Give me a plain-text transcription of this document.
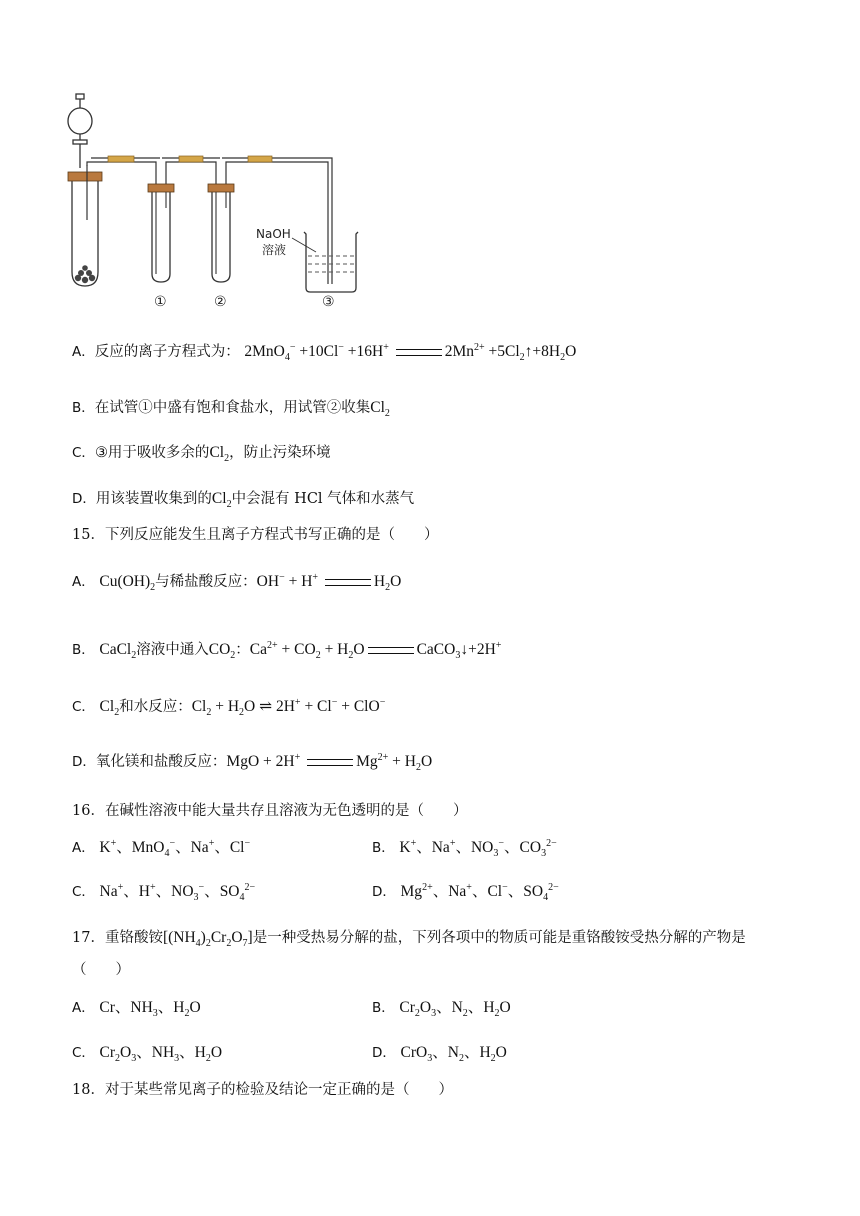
NaOH
溶液
①	②	③
A．反应的离子方程式为： 2MnO$_4$− +10Cl− +16H+	$2Mn^{2+}$ $+5Cl_2↑+8H_2O$
B．在试管①中盛有饱和食盐水，用试管②收集$Cl_2$
C．③用于吸收多余的$Cl_2$，防止污染环境
D．用该装置收集到的$Cl_2$中会混有 HCl 气体和水蒸气
15．下列反应能发生且离子方程式书写正确的是（　　）
A． $Cu(OH)_2$与稀盐酸反应：OH− + H+	$H_2O$
B． CaCl$_2$溶液中通入$CO_2$：$Ca^{2+} + CO_2 + H_2O$	CaCO$_3$↓+2H+
C． $Cl_2$和水反应：$Cl_2 + H_2O$ ⇌ 2H+ + Cl− + ClO−
D．氧化镁和盐酸反应：MgO + 2H+	$Mg^{2+} + H_2O$
16．在碱性溶液中能大量共存且溶液为无色透明的是（　　）
A． K+、MnO$_4$−、Na+、Cl−	B． K+、Na+、$NO_3^-$、$CO_3^{2-}$
C． Na+、H+、$NO_3^-$、$SO_4^{2-}$	D． $Mg^{2+}$、Na+、Cl−、$SO_4^{2-}$
17．重铬酸铵$[(NH_4)_2Cr_2O_7]$是一种受热易分解的盐，下列各项中的物质可能是重铬酸铵受热分解的产物是
（　　）
A． Cr、$NH_3$、$H_2O$	B． $Cr_2O_3$、$N_2$、$H_2O$
C． $Cr_2O_3$、$NH_3$、$H_2O$	D． CrO$_3$、$N_2$、$H_2O$
18．对于某些常见离子的检验及结论一定正确的是（　　）
